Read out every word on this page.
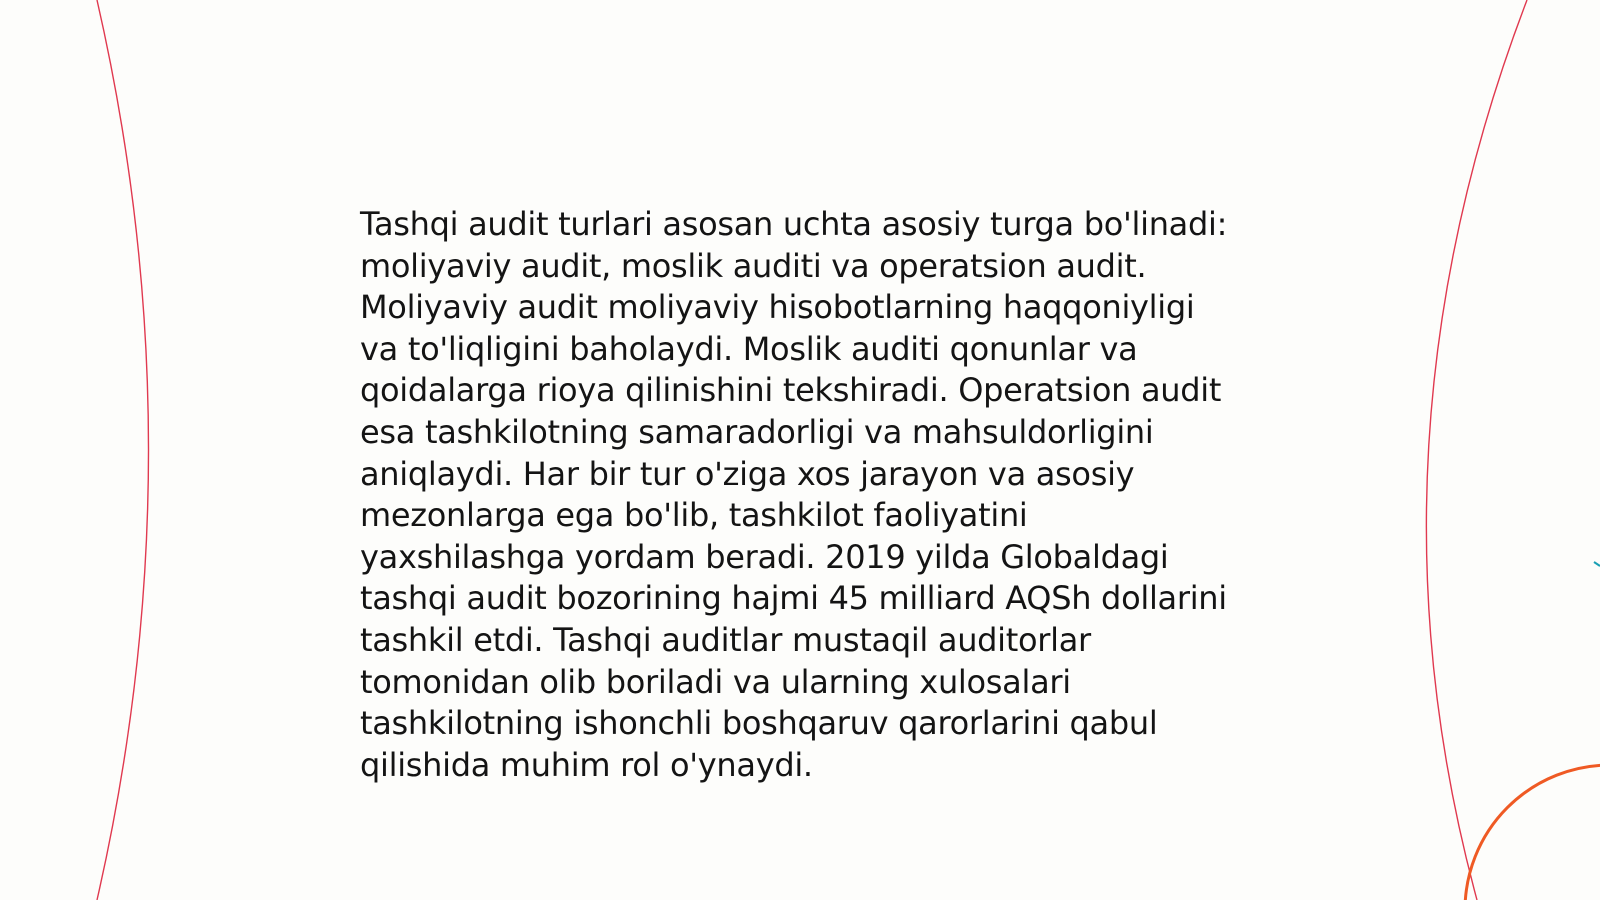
Tashqi audit turlari asosan uchta asosiy turga bo'linadi: moliyaviy audit, moslik auditi va operatsion audit. Moliyaviy audit moliyaviy hisobotlarning haqqoniyligi va to'liqligini baholaydi. Moslik auditi qonunlar va qoidalarga rioya qilinishini tekshiradi. Operatsion audit esa tashkilotning samaradorligi va mahsuldorligini aniqlaydi. Har bir tur o'ziga xos jarayon va asosiy mezonlarga ega bo'lib, tashkilot faoliyatini yaxshilashga yordam beradi. 2019 yilda Globaldagi tashqi audit bozorining hajmi 45 milliard AQSh dollarini tashkil etdi. Tashqi auditlar mustaqil auditorlar tomonidan olib boriladi va ularning xulosalari tashkilotning ishonchli boshqaruv qarorlarini qabul qilishida muhim rol o'ynaydi.
